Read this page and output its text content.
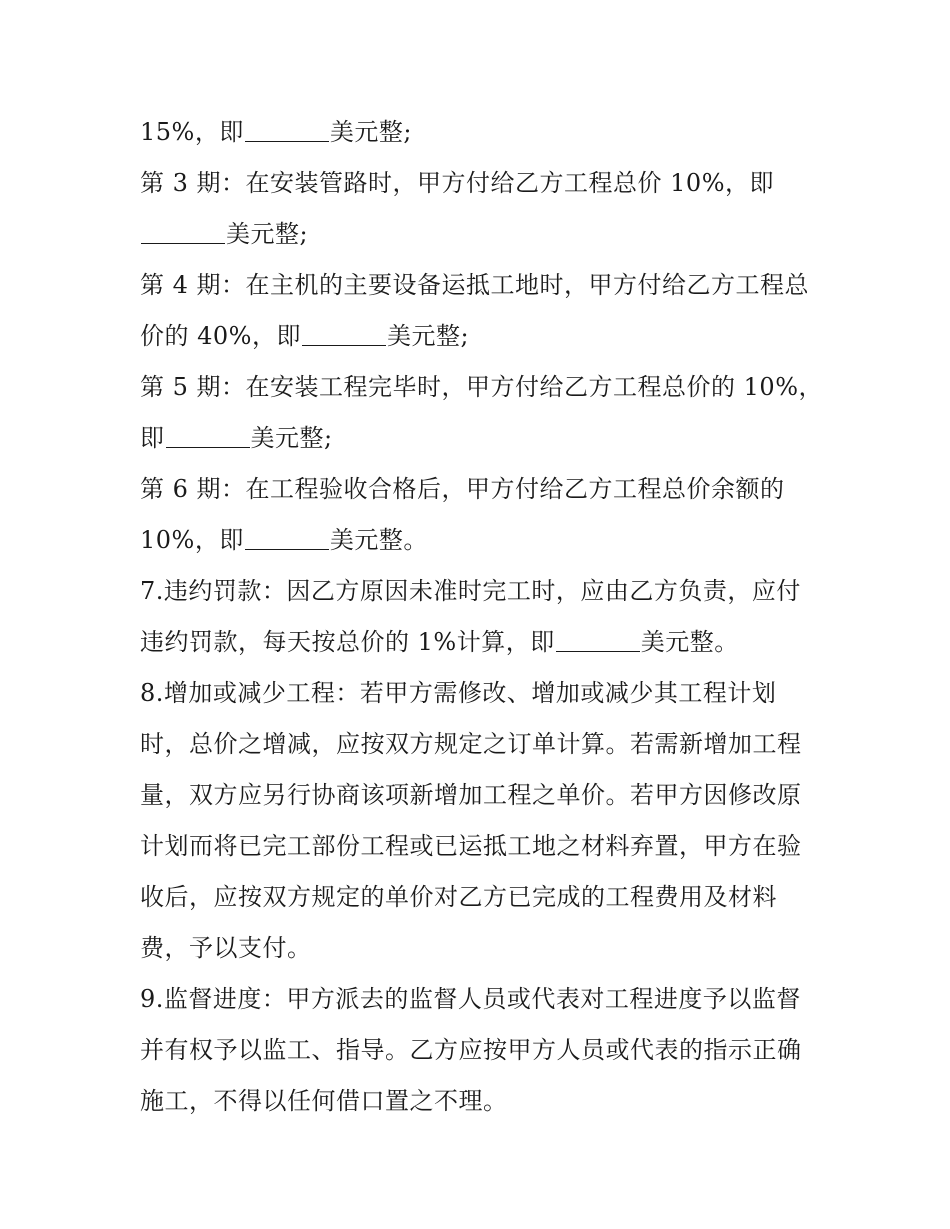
15%，即	美元整;
第 3 期：在安装管路时，甲方付给乙方工程总价 10%，即
美元整;
第 4 期：在主机的主要设备运抵工地时，甲方付给乙方工程总
价的 40%，即	美元整;
第 5 期：在安装工程完毕时，甲方付给乙方工程总价的 10%，
即	美元整;
第 6 期：在工程验收合格后，甲方付给乙方工程总价余额的
10%，即	美元整。
7.违约罚款：因乙方原因未准时完工时，应由乙方负责，应付
违约罚款，每天按总价的 1%计算，即	美元整。
8.增加或减少工程：若甲方需修改、增加或减少其工程计划
时，总价之增减，应按双方规定之订单计算。若需新增加工程
量，双方应另行协商该项新增加工程之单价。若甲方因修改原
计划而将已完工部份工程或已运抵工地之材料弃置，甲方在验
收后，应按双方规定的单价对乙方已完成的工程费用及材料
费，予以支付。
9.监督进度：甲方派去的监督人员或代表对工程进度予以监督
并有权予以监工、指导。乙方应按甲方人员或代表的指示正确
施工，不得以任何借口置之不理。
